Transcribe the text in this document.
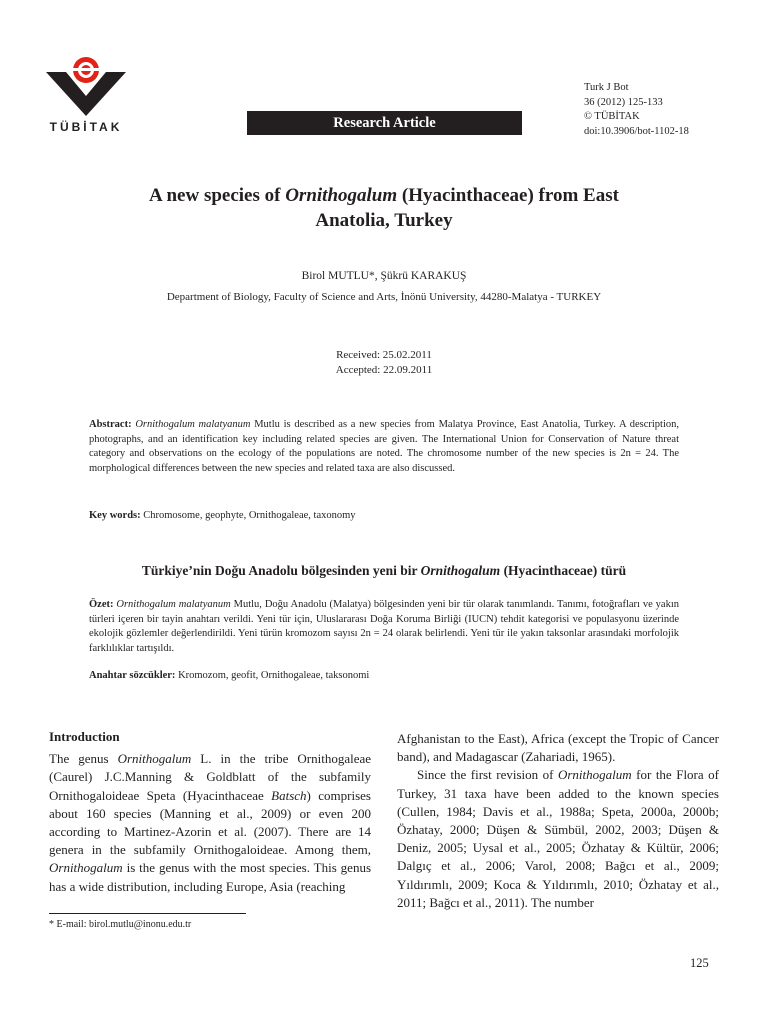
TÜBİTAK	Research Article
Turk J Bot
36 (2012) 125-133
© TÜBİTAK
doi:10.3906/bot-1102-18
A new species of Ornithogalum (Hyacinthaceae) from East
Anatolia, Turkey
Birol MUTLU*, Şükrü KARAKUŞ
Department of Biology, Faculty of Science and Arts, İnönü University, 44280-Malatya - TURKEY
Received: 25.02.2011
Accepted: 22.09.2011
Abstract: Ornithogalum malatyanum Mutlu is described as a new species from Malatya Province, East Anatolia, Turkey. A description, photographs, and an identification key including related species are given. The International Union for Conservation of Nature threat category and observations on the ecology of the populations are noted. The chromosome number of the new species is 2n = 24. The morphological differences between the new species and related taxa are also discussed.
Key words: Chromosome, geophyte, Ornithogaleae, taxonomy
Türkiye’nin Doğu Anadolu bölgesinden yeni bir Ornithogalum (Hyacinthaceae) türü
Özet: Ornithogalum malatyanum Mutlu, Doğu Anadolu (Malatya) bölgesinden yeni bir tür olarak tanımlandı. Tanımı, fotoğrafları ve yakın türleri içeren bir tayin anahtarı verildi. Yeni tür için, Uluslararası Doğa Koruma Birliği (IUCN) tehdit kategorisi ve populasyonu üzerinde ekolojik gözlemler değerlendirildi. Yeni türün kromozom sayısı 2n = 24 olarak belirlendi. Yeni tür ile yakın taksonlar arasındaki morfolojik farklılıklar tartışıldı.
Anahtar sözcükler: Kromozom, geofit, Ornithogaleae, taksonomi

Introduction

The genus Ornithogalum L. in the tribe Ornithogaleae (Caurel) J.C.Manning & Goldblatt of the subfamily Ornithogaloideae Speta (Hyacinthaceae Batsch) comprises about 160 species (Manning et al., 2009) or even 200 according to Martinez-Azorin et al. (2007). There are 14 genera in the subfamily Ornithogaloideae. Among them, Ornithogalum is the genus with the most species. This genus has a wide distribution, including Europe, Asia (reaching

Afghanistan to the East), Africa (except the Tropic of Cancer band), and Madagascar (Zahariadi, 1965).

Since the first revision of Ornithogalum for the Flora of Turkey, 31 taxa have been added to the known species (Cullen, 1984; Davis et al., 1988a; Speta, 2000a, 2000b; Özhatay, 2000; Düşen & Sümbül, 2002, 2003; Düşen & Deniz, 2005; Uysal et al., 2005; Özhatay & Kültür, 2006; Dalgıç et al., 2006; Varol, 2008; Bağcı et al., 2009; Yıldırımlı, 2009; Koca & Yıldırımlı, 2010; Özhatay et al., 2011; Bağcı et al., 2011). The number

* E-mail: birol.mutlu@inonu.edu.tr
125
